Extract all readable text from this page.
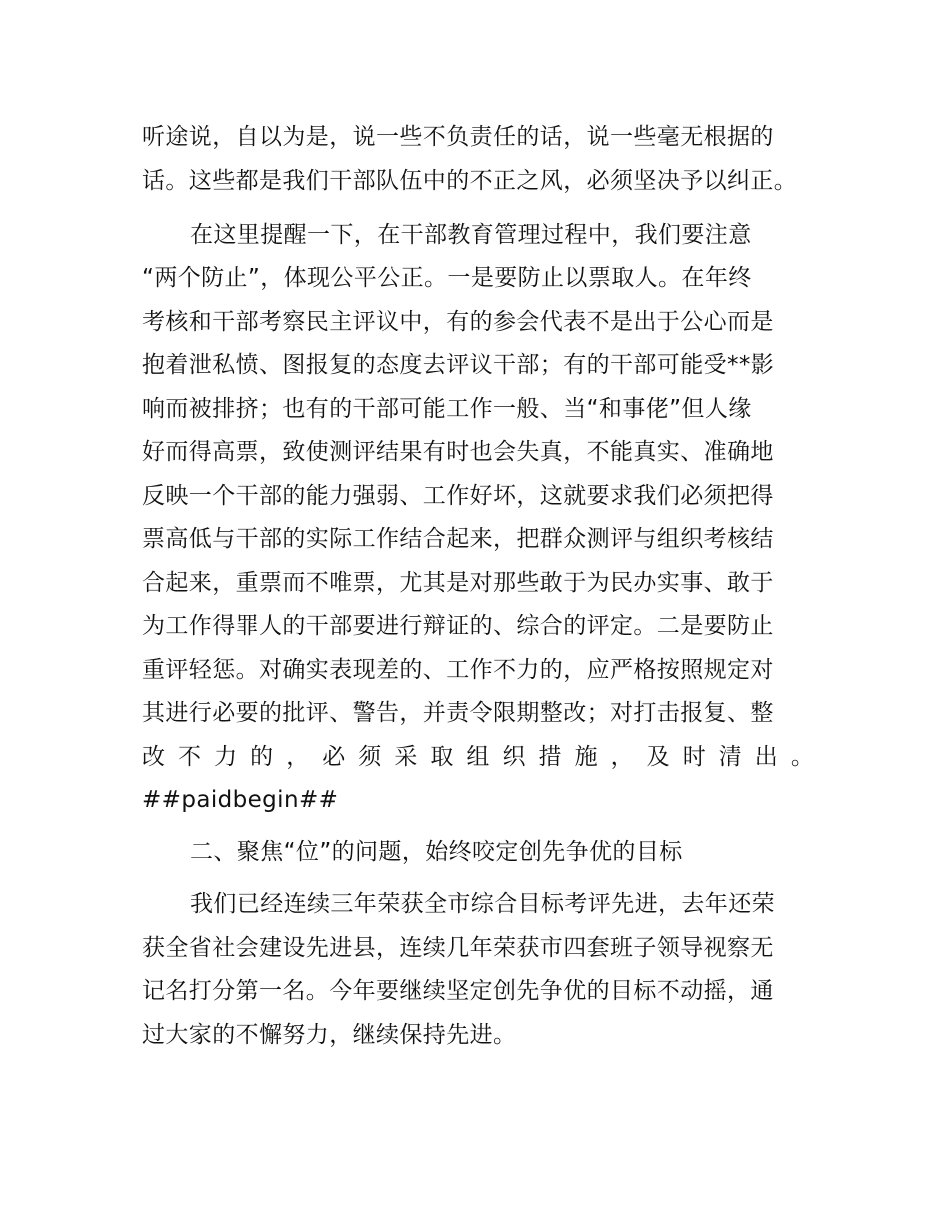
听途说，自以为是，说一些不负责任的话，说一些毫无根据的
话。这些都是我们干部队伍中的不正之风，必须坚决予以纠正。
在这里提醒一下，在干部教育管理过程中，我们要注意
“两个防止”，体现公平公正。一是要防止以票取人。在年终
考核和干部考察民主评议中，有的参会代表不是出于公心而是
抱着泄私愤、图报复的态度去评议干部；有的干部可能受**影
响而被排挤；也有的干部可能工作一般、当“和事佬”但人缘
好而得高票，致使测评结果有时也会失真，不能真实、准确地
反映一个干部的能力强弱、工作好坏，这就要求我们必须把得
票高低与干部的实际工作结合起来，把群众测评与组织考核结
合起来，重票而不唯票，尤其是对那些敢于为民办实事、敢于
为工作得罪人的干部要进行辩证的、综合的评定。二是要防止
重评轻惩。对确实表现差的、工作不力的，应严格按照规定对
其进行必要的批评、警告，并责令限期整改；对打击报复、整
改 不 力 的 ， 必 须 采 取 组 织 措 施 ， 及 时 清 出 。
##paidbegin##
二、聚焦“位”的问题，始终咬定创先争优的目标
我们已经连续三年荣获全市综合目标考评先进，去年还荣
获全省社会建设先进县，连续几年荣获市四套班子领导视察无
记名打分第一名。今年要继续坚定创先争优的目标不动摇，通
过大家的不懈努力，继续保持先进。
